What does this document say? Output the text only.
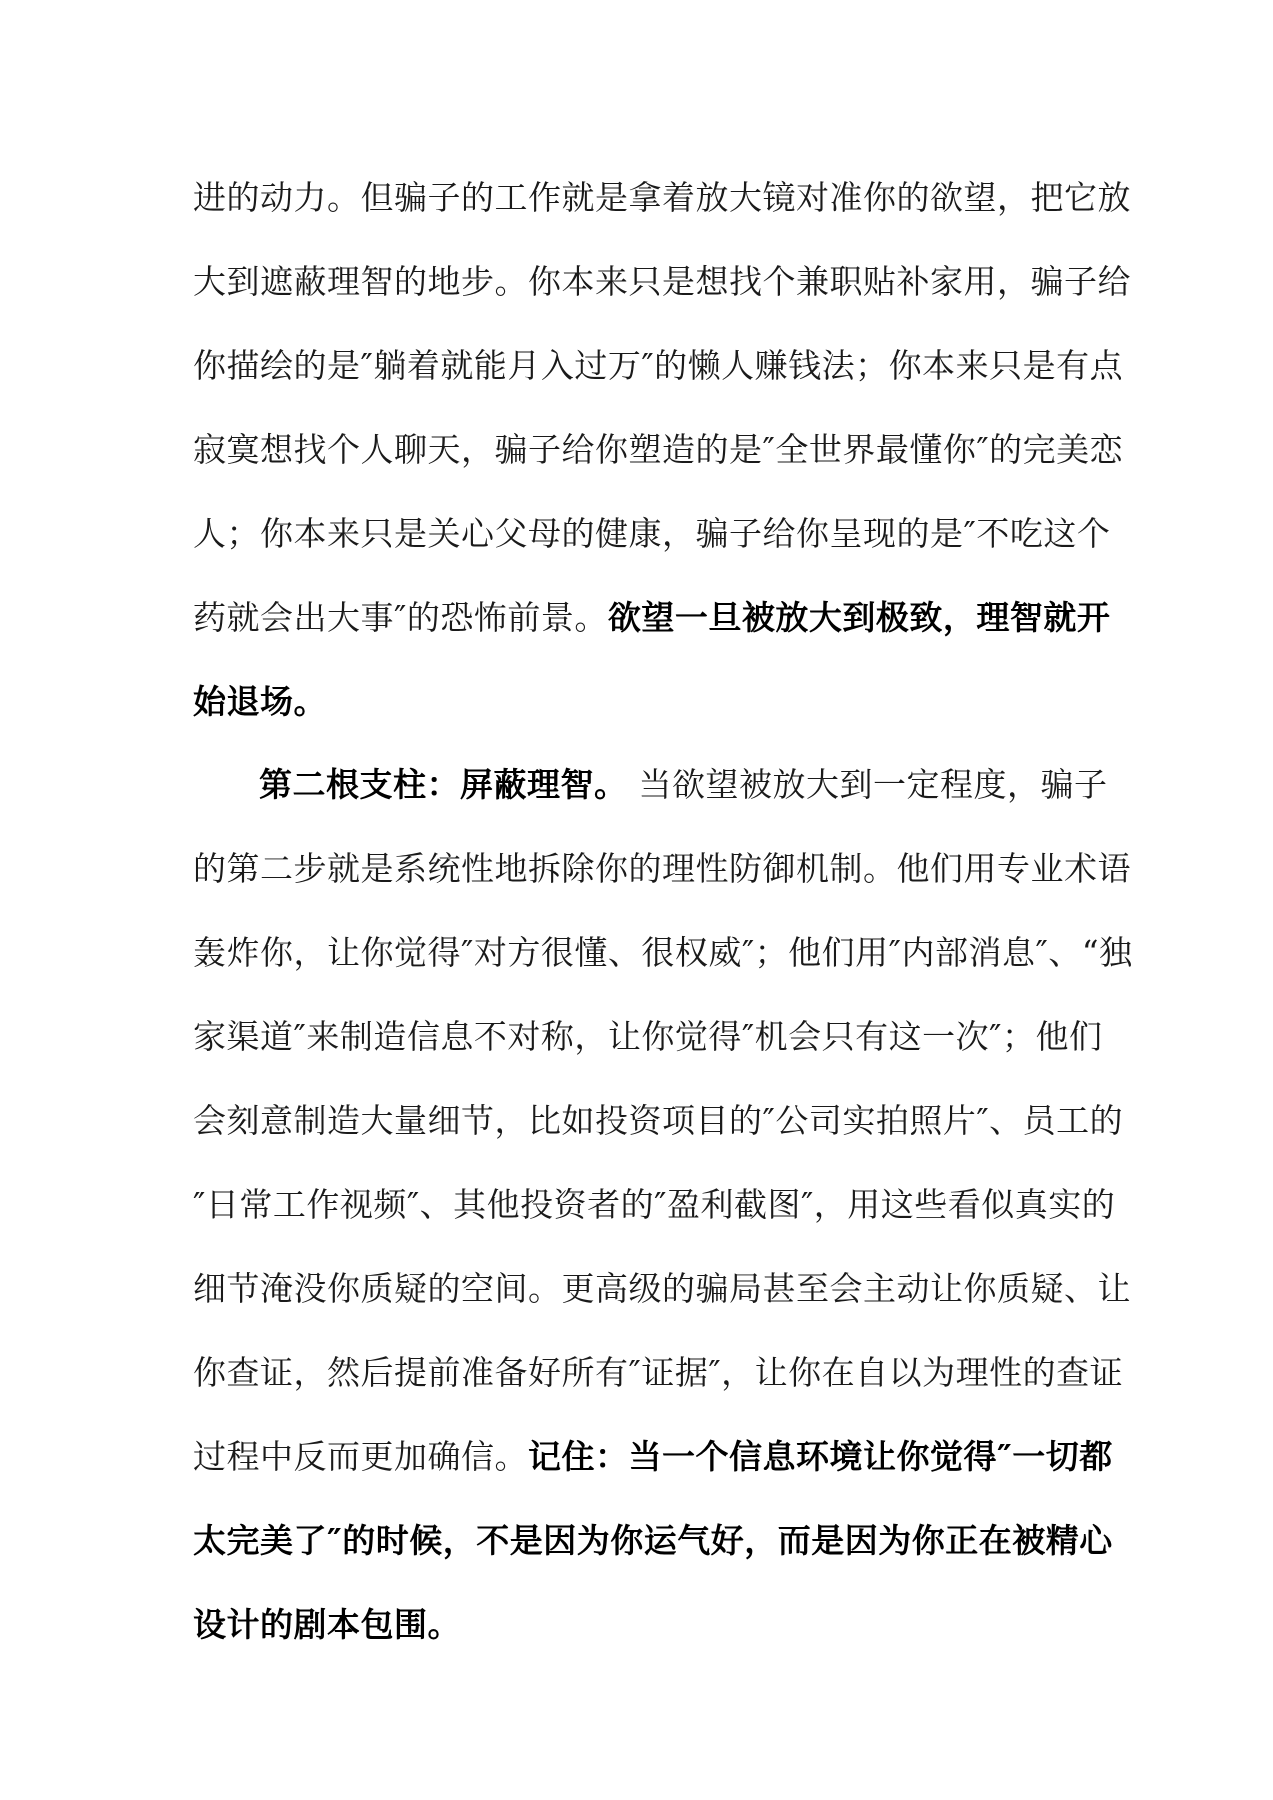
进的动力。但骗子的工作就是拿着放大镜对准你的欲望，把它放
大到遮蔽理智的地步。你本来只是想找个兼职贴补家用，骗子给
你描绘的是″躺着就能月入过万″的懒人赚钱法；你本来只是有点
寂寞想找个人聊天，骗子给你塑造的是″全世界最懂你″的完美恋
人；你本来只是关心父母的健康，骗子给你呈现的是″不吃这个
药就会出大事″的恐怖前景。欲望一旦被放大到极致，理智就开
始退场。
第二根支柱：屏蔽理智。 当欲望被放大到一定程度，骗子
的第二步就是系统性地拆除你的理性防御机制。他们用专业术语
轰炸你，让你觉得″对方很懂、很权威″；他们用″内部消息″、“独
家渠道″来制造信息不对称，让你觉得″机会只有这一次″；他们
会刻意制造大量细节，比如投资项目的″公司实拍照片″、员工的
″日常工作视频″、其他投资者的″盈利截图″，用这些看似真实的
细节淹没你质疑的空间。更高级的骗局甚至会主动让你质疑、让
你查证，然后提前准备好所有″证据″，让你在自以为理性的查证
过程中反而更加确信。记住：当一个信息环境让你觉得″一切都
太完美了″的时候，不是因为你运气好，而是因为你正在被精心
设计的剧本包围。
